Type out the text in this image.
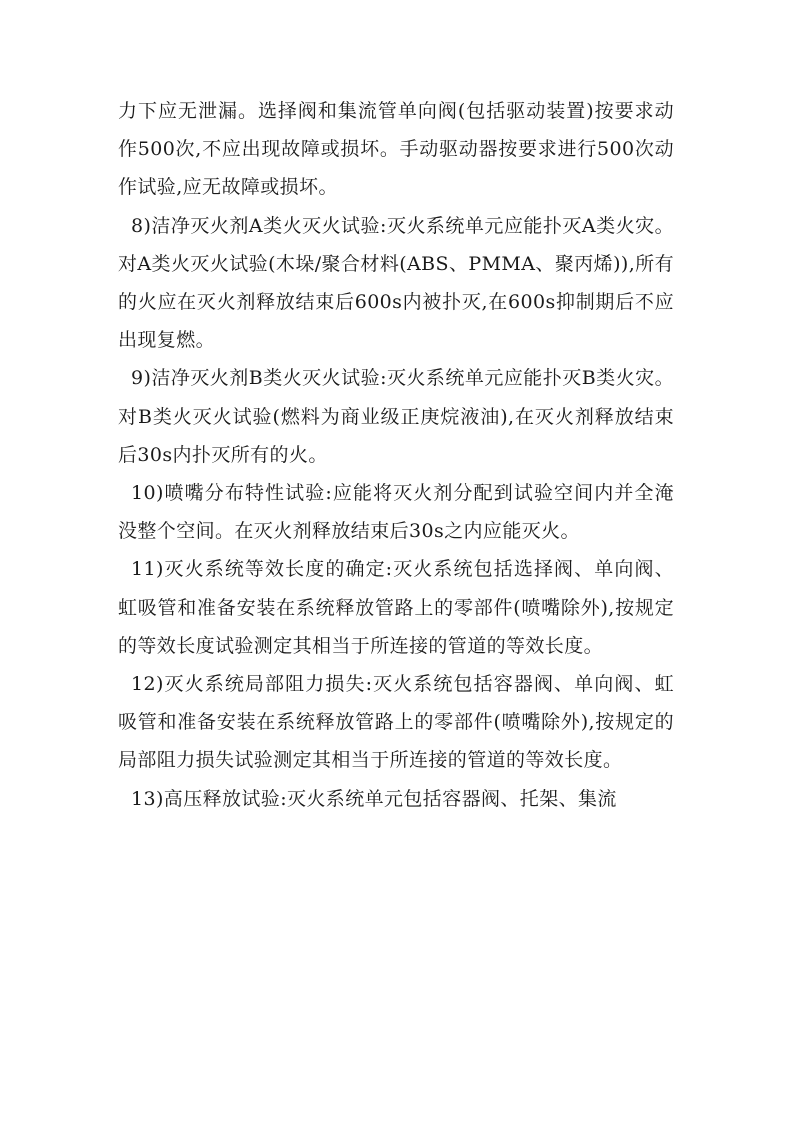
力下应无泄漏。选择阀和集流管单向阀(包括驱动装置)按要求动作500次,不应出现故障或损坏。手动驱动器按要求进行500次动作试验,应无故障或损坏。

8)洁净灭火剂A类火灭火试验:灭火系统单元应能扑灭A类火灾。对A类火灭火试验(木垛/聚合材料(ABS、PMMA、聚丙烯)),所有的火应在灭火剂释放结束后600s内被扑灭,在600s抑制期后不应出现复燃。

9)洁净灭火剂B类火灭火试验:灭火系统单元应能扑灭B类火灾。对B类火灭火试验(燃料为商业级正庚烷液油),在灭火剂释放结束后30s内扑灭所有的火。

10)喷嘴分布特性试验:应能将灭火剂分配到试验空间内并全淹没整个空间。在灭火剂释放结束后30s之内应能灭火。

11)灭火系统等效长度的确定:灭火系统包括选择阀、单向阀、虹吸管和准备安装在系统释放管路上的零部件(喷嘴除外),按规定的等效长度试验测定其相当于所连接的管道的等效长度。

12)灭火系统局部阻力损失:灭火系统包括容器阀、单向阀、虹吸管和准备安装在系统释放管路上的零部件(喷嘴除外),按规定的局部阻力损失试验测定其相当于所连接的管道的等效长度。

13)高压释放试验:灭火系统单元包括容器阀、托架、集流
